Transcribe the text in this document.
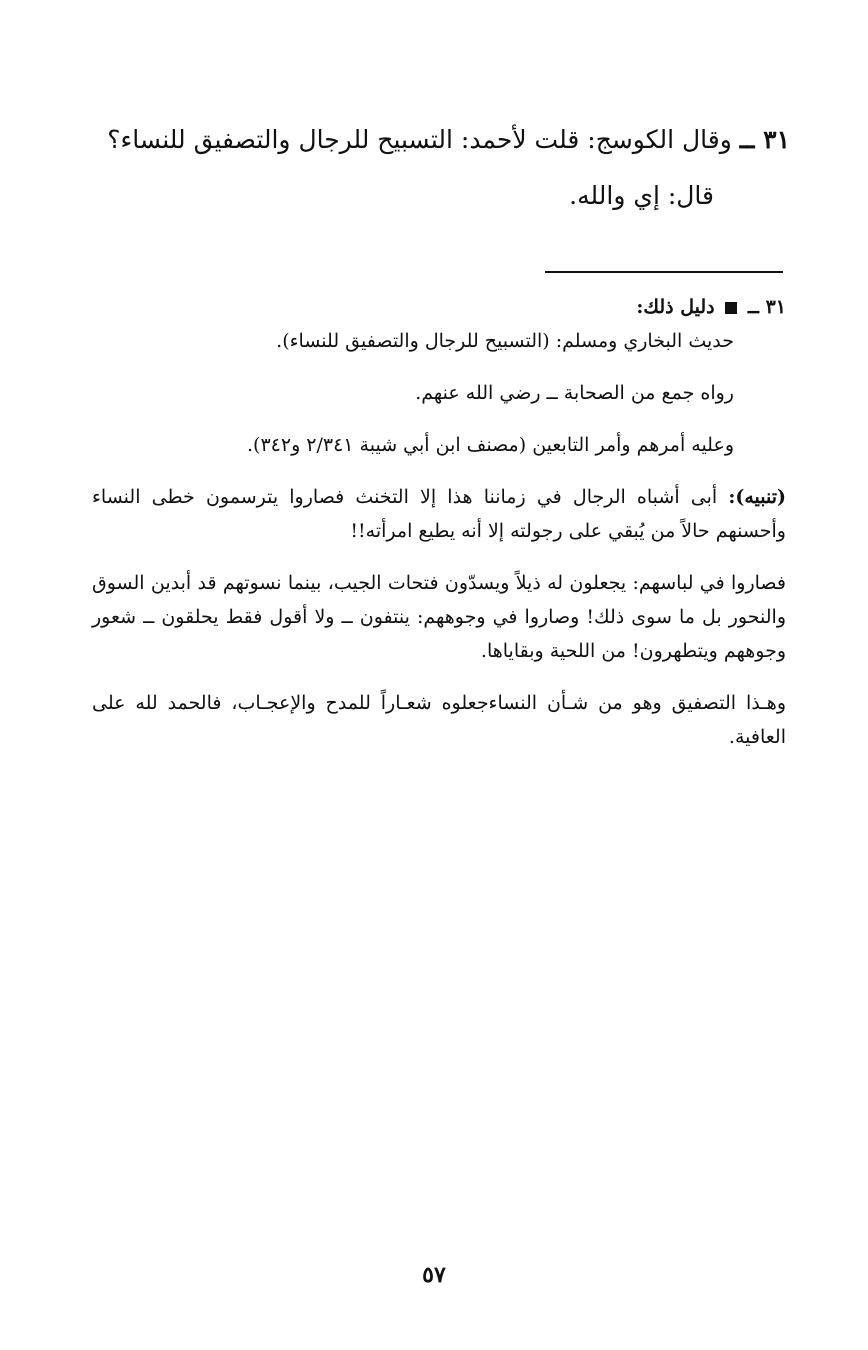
٣١ ــ وقال الكوسج: قلت لأحمد: التسبيح للرجال والتصفيق للنساء؟
قال: إي والله.

٣١ ــ  دليل ذلك:

حديث البخاري ومسلم: (التسبيح للرجال والتصفيق للنساء).

رواه جمع من الصحابة ــ رضي الله عنهم.

وعليه أمرهم وأمر التابعين (مصنف ابن أبي شيبة ٢/٣٤١ و٣٤٢).

(تنبيه): أبى أشباه الرجال في زماننا هذا إلا التخنث فصاروا يترسمون خطى النساء وأحسنهم حالاً من يُبقي على رجولته إلا أنه يطيع امرأته!!

فصاروا في لباسهم: يجعلون له ذيلاً ويسدّون فتحات الجيب، بينما نسوتهم قد أبدين السوق والنحور بل ما سوى ذلك! وصاروا في وجوههم: ينتفون ــ ولا أقول فقط يحلقون ــ شعور وجوههم ويتطهرون! من اللحية وبقاياها.

وهـذا التصفيق وهو من شـأن النساءجعلوه شعـاراً للمدح والإعجـاب، فالحمد لله على العافية.

٥٧
